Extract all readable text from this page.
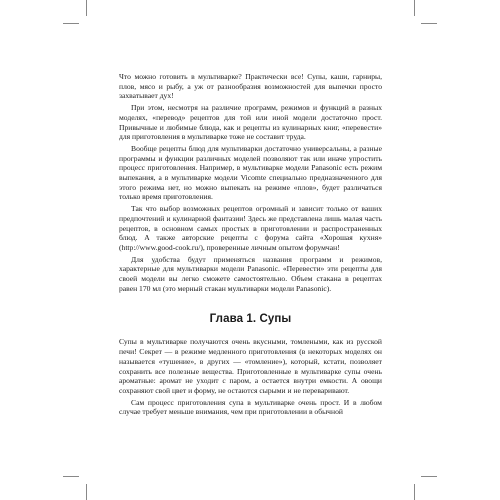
Что можно готовить в мультиварке? Практически все! Супы, каши, гарниры, плов, мясо и рыбу, а уж от разнообразия возможностей для выпечки просто захватывает дух!

При этом, несмотря на различие программ, режимов и функций в разных моделях, «перевод» рецептов для той или иной модели достаточно прост. Привычные и любимые блюда, как и рецепты из кулинарных книг, «перевести» для приготовления в мультиварке тоже не составит труда.

Вообще рецепты блюд для мультиварки достаточно универсальны, а разные программы и функции различных моделей позволяют так или иначе упростить процесс приготовления. Например, в мультиварке модели Panasonic есть режим выпекания, а в мультиварке модели Vicomte специально предназначенного для этого режима нет, но можно выпекать на режиме «плов», будет различаться только время приготовления.

Так что выбор возможных рецептов огромный и зависит только от ваших предпочтений и кулинарной фантазии! Здесь же представлена лишь малая часть рецептов, в основном самых простых в приготовлении и распространенных блюд. А также авторские рецепты с форума сайта «Хорошая кухня» (http://www.good-cook.ru/), проверенные личным опытом форумчан!

Для удобства будут применяться названия программ и режимов, характерные для мультиварки модели Panasonic. «Перевести» эти рецепты для своей модели вы легко сможете самостоятельно. Объем стакана в рецептах равен 170 мл (это мерный стакан мультиварки модели Panasonic).

Глава 1. Супы

Супы в мультиварке получаются очень вкусными, томлеными, как из русской печи! Секрет — в режиме медленного приготовления (в некоторых моделях он называется «тушение», в других — «томление»), который, кстати, позволяет сохранить все полезные вещества. Приготовленные в мультиварке супы очень ароматные: аромат не уходит с паром, а остается внутри емкости. А овощи сохраняют свой цвет и форму, не остаются сырыми и не переваривают.

Сам процесс приготовления супа в мультиварке очень прост. И в любом случае требует меньше внимания, чем при приготовлении в обычной
